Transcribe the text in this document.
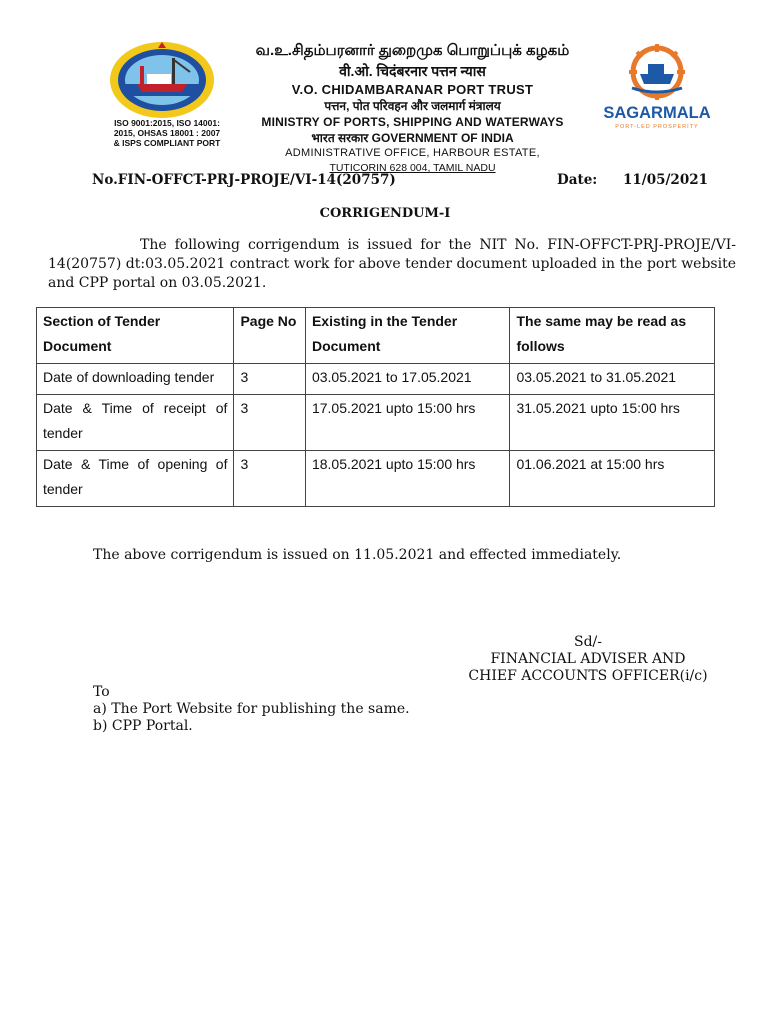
ISO 9001:2015, ISO 14001:
2015, OHSAS 18001 : 2007
& ISPS COMPLIANT PORT
வ.உ.சிதம்பரனார் துறைமுக பொறுப்புக் கழகம்
वी.ओ. चिदंबरनार पत्तन न्यास
V.O. CHIDAMBARANAR PORT TRUST
पत्तन, पोत परिवहन और जलमार्ग मंत्रालय
MINISTRY OF PORTS, SHIPPING AND WATERWAYS
भारत सरकार GOVERNMENT OF INDIA
ADMINISTRATIVE OFFICE, HARBOUR ESTATE,
TUTICORIN 628 004, TAMIL NADU
SAGARMALA
PORT-LED PROSPERITY
No.FIN-OFFCT-PRJ-PROJE/VI-14(20757)	Date: 11/05/2021
CORRIGENDUM-I
The following corrigendum is issued for the NIT No. FIN-OFFCT-PRJ-PROJE/VI-14(20757) dt:03.05.2021 contract work for above tender document uploaded in the port website and CPP portal on 03.05.2021.
Section of Tender Document	Page No	Existing in the Tender Document	The same may be read as follows
Date of downloading tender	3	03.05.2021 to 17.05.2021	03.05.2021 to 31.05.2021
Date & Time of receipt of tender	3	17.05.2021 upto 15:00 hrs	31.05.2021 upto 15:00 hrs
Date & Time of opening of tender	3	18.05.2021 upto 15:00 hrs	01.06.2021 at 15:00 hrs
The above corrigendum is issued on 11.05.2021 and effected immediately.
Sd/-
FINANCIAL ADVISER AND
CHIEF ACCOUNTS OFFICER(i/c)
To
a) The Port Website for publishing the same.
b) CPP Portal.
